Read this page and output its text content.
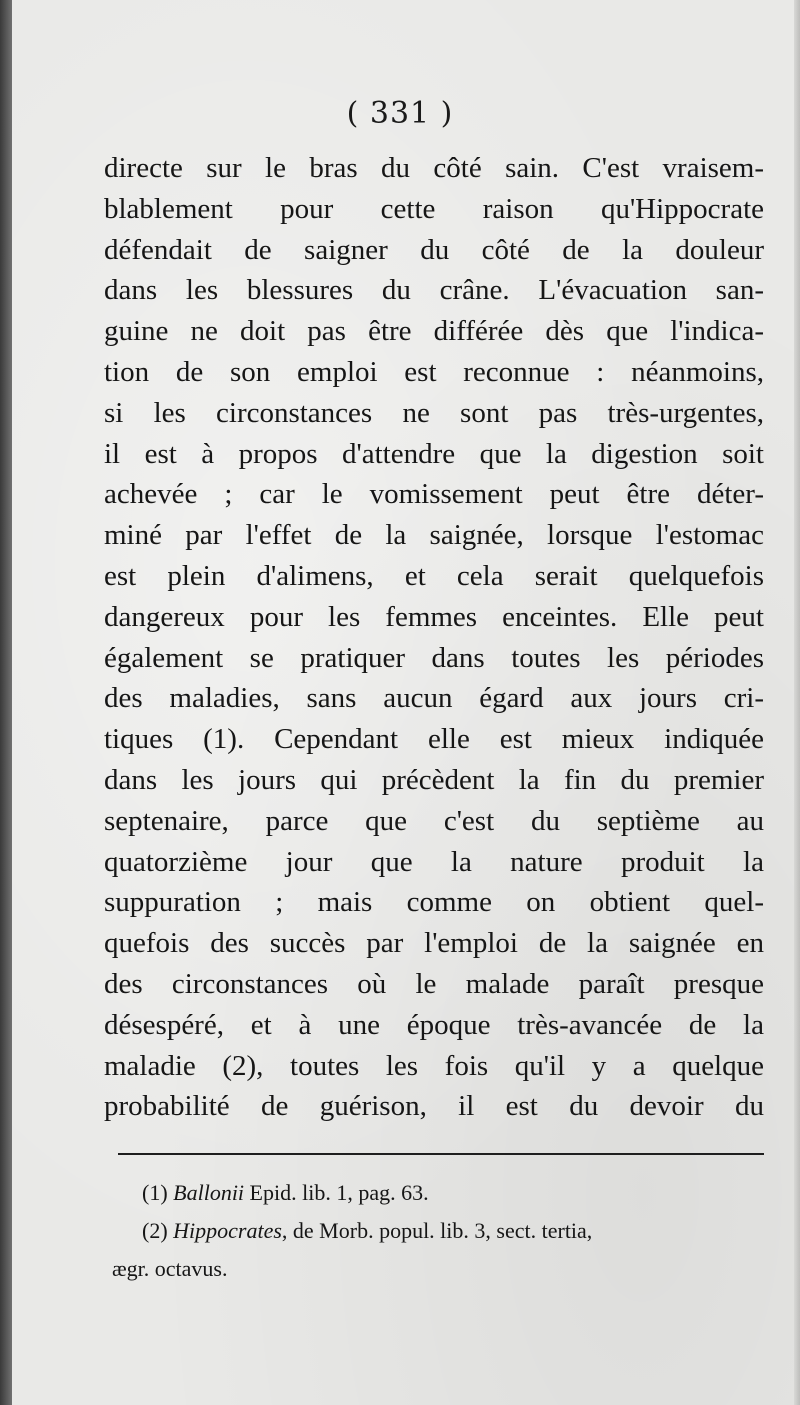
( 331 )
directe sur le bras du côté sain. C'est vraisem-
blablement pour cette raison qu'Hippocrate
défendait de saigner du côté de la douleur
dans les blessures du crâne. L'évacuation san-
guine ne doit pas être différée dès que l'indica-
tion de son emploi est reconnue : néanmoins,
si les circonstances ne sont pas très-urgentes,
il est à propos d'attendre que la digestion soit
achevée ; car le vomissement peut être déter-
miné par l'effet de la saignée, lorsque l'estomac
est plein d'alimens, et cela serait quelquefois
dangereux pour les femmes enceintes. Elle peut
également se pratiquer dans toutes les périodes
des maladies, sans aucun égard aux jours cri-
tiques (1). Cependant elle est mieux indiquée
dans les jours qui précèdent la fin du premier
septenaire, parce que c'est du septième au
quatorzième jour que la nature produit la
suppuration ; mais comme on obtient quel-
quefois des succès par l'emploi de la saignée en
des circonstances où le malade paraît presque
désespéré, et à une époque très-avancée de la
maladie (2), toutes les fois qu'il y a quelque
probabilité de guérison, il est du devoir du
(1) Ballonii Epid. lib. 1, pag. 63.
(2) Hippocrates, de Morb. popul. lib. 3, sect. tertia,
ægr. octavus.
